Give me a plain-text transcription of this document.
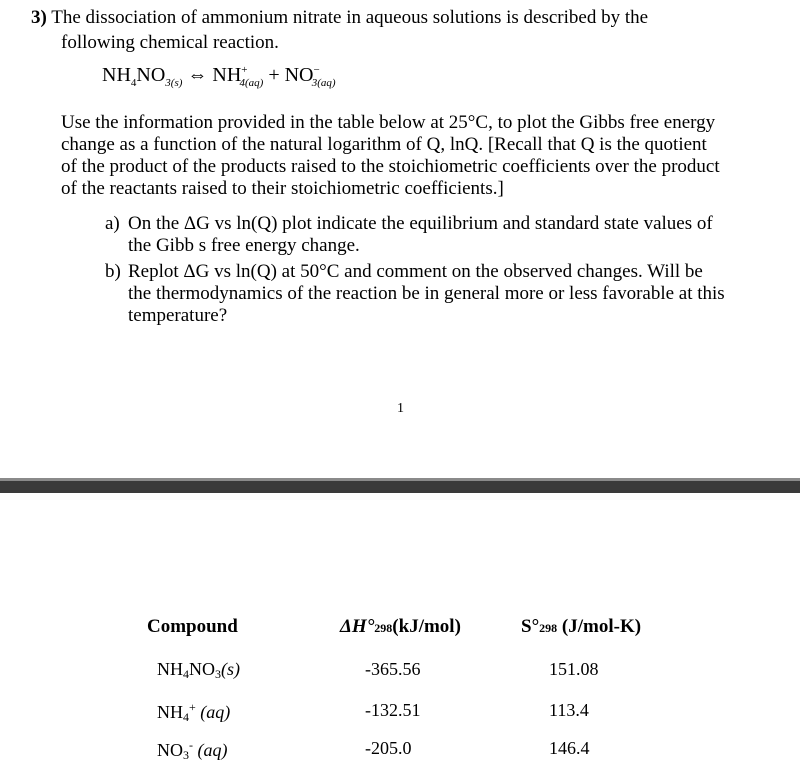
3) The dissociation of ammonium nitrate in aqueous solutions is described by the
following chemical reaction.
$NH_4NO_{3(s)}$ ⇔ $NH^+_{4(aq)} + NO^-_{3(aq)}$
Use the information provided in the table below at 25°C, to plot the Gibbs free energy
change as a function of the natural logarithm of Q, lnQ. [Recall that Q is the quotient
of the product of the products raised to the stoichiometric coefficients over the product
of the reactants raised to their stoichiometric coefficients.]
a) On the ΔG vs ln(Q) plot indicate the equilibrium and standard state values of
the Gibb s free energy change.
b) Replot ΔG vs ln(Q) at 50°C and comment on the observed changes. Will be
the thermodynamics of the reaction be in general more or less favorable at this
temperature?
1
Compound	ΔH°298(kJ/mol)	S°298 (J/mol-K)
NH4NO3(s)	-365.56	151.08
NH4+ (aq)	-132.51	113.4
NO3- (aq)	-205.0	146.4
